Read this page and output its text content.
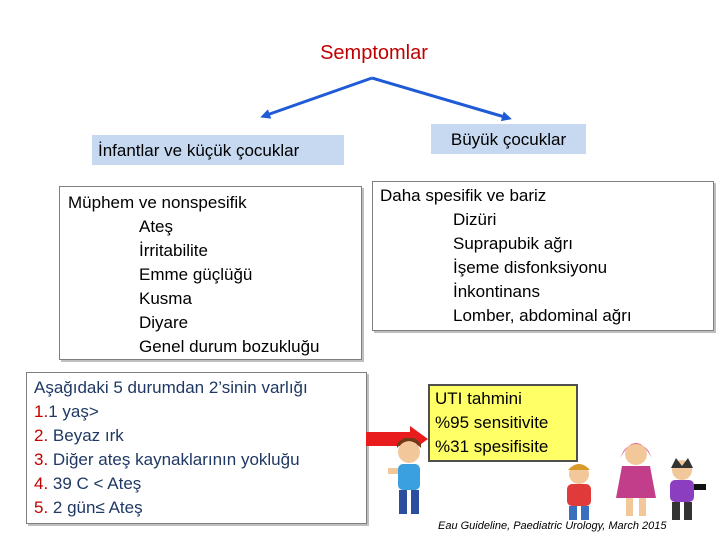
Semptomlar
İnfantlar ve küçük çocuklar
Büyük çocuklar
Müphem ve nonspesifik
Ateş
İrritabilite
Emme güçlüğü
Kusma
Diyare
Genel durum bozukluğu
Daha spesifik ve bariz
Dizüri
Suprapubik ağrı
İşeme disfonksiyonu
İnkontinans
Lomber, abdominal ağrı
Aşağıdaki 5 durumdan 2’sinin varlığı
1.1 yaş>
2. Beyaz ırk
3. Diğer ateş kaynaklarının yokluğu
4. 39 C < Ateş
5. 2 gün≤ Ateş
UTI tahmini
%95 sensitivite
%31 spesifisite
Eau Guideline, Paediatric Urology, March 2015
